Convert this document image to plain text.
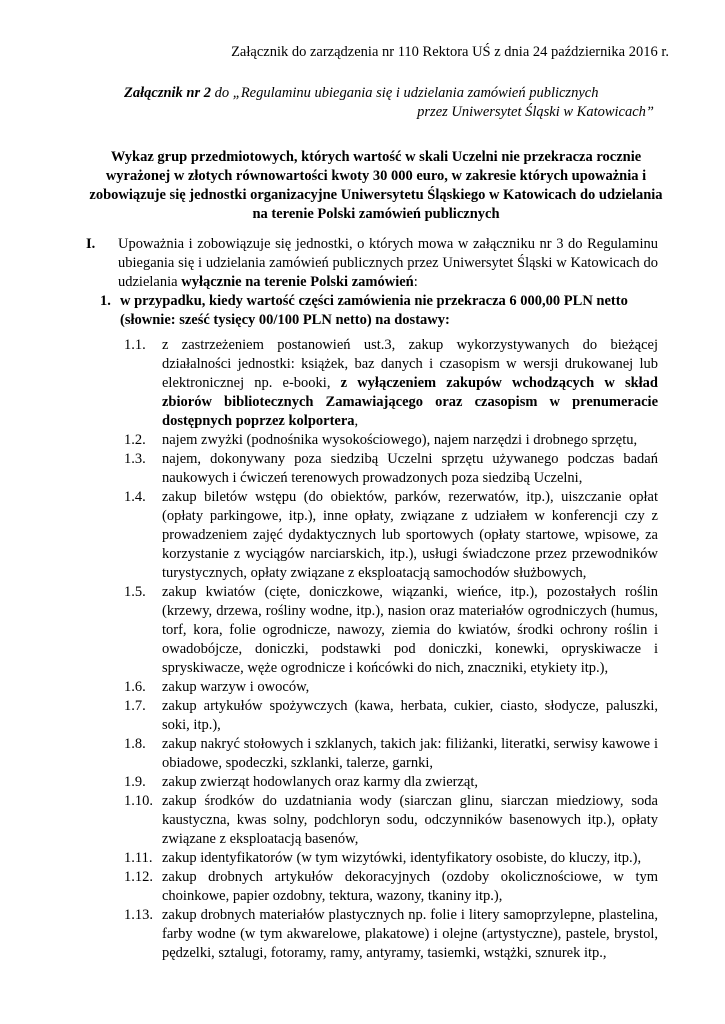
Załącznik do zarządzenia nr 110 Rektora UŚ z dnia 24 października 2016 r.
Załącznik nr 2 do „Regulaminu ubiegania się i udzielania zamówień publicznych
przez Uniwersytet Śląski w Katowicach”
Wykaz grup przedmiotowych, których wartość w skali Uczelni nie przekracza rocznie wyrażonej w złotych równowartości kwoty 30 000 euro, w zakresie których upoważnia i zobowiązuje się jednostki organizacyjne Uniwersytetu Śląskiego w Katowicach do udzielania na terenie Polski zamówień publicznych
I. Upoważnia i zobowiązuje się jednostki, o których mowa w załączniku nr 3 do Regulaminu ubiegania się i udzielania zamówień publicznych przez Uniwersytet Śląski w Katowicach do udzielania wyłącznie na terenie Polski zamówień:
1. w przypadku, kiedy wartość części zamówienia nie przekracza 6 000,00 PLN netto (słownie: sześć tysięcy 00/100 PLN netto) na dostawy:
1.1.	z zastrzeżeniem postanowień ust.3, zakup wykorzystywanych do bieżącej działalności jednostki: książek, baz danych i czasopism w wersji drukowanej lub elektronicznej np. e-booki, z wyłączeniem zakupów wchodzących w skład zbiorów bibliotecznych Zamawiającego oraz czasopism w prenumeracie dostępnych poprzez kolportera,
1.2.	najem zwyżki (podnośnika wysokościowego), najem narzędzi i drobnego sprzętu,
1.3.	najem, dokonywany poza siedzibą Uczelni sprzętu używanego podczas badań naukowych i ćwiczeń terenowych prowadzonych poza siedzibą Uczelni,
1.4.	zakup biletów wstępu (do obiektów, parków, rezerwatów, itp.), uiszczanie opłat (opłaty parkingowe, itp.), inne opłaty, związane z udziałem w konferencji czy z prowadzeniem zajęć dydaktycznych lub sportowych (opłaty startowe, wpisowe, za korzystanie z wyciągów narciarskich, itp.), usługi świadczone przez przewodników turystycznych, opłaty związane z eksploatacją samochodów służbowych,
1.5.	zakup kwiatów (cięte, doniczkowe, wiązanki, wieńce, itp.), pozostałych roślin (krzewy, drzewa, rośliny wodne, itp.), nasion oraz materiałów ogrodniczych (humus, torf, kora, folie ogrodnicze, nawozy, ziemia do kwiatów, środki ochrony roślin i owadobójcze, doniczki, podstawki pod doniczki, konewki, opryskiwacze i spryskiwacze, węże ogrodnicze i końcówki do nich, znaczniki, etykiety itp.),
1.6.	zakup warzyw i owoców,
1.7.	zakup artykułów spożywczych (kawa, herbata, cukier, ciasto, słodycze, paluszki, soki, itp.),
1.8.	zakup nakryć stołowych i szklanych, takich jak: filiżanki, literatki, serwisy kawowe i obiadowe, spodeczki, szklanki, talerze, garnki,
1.9.	zakup zwierząt hodowlanych oraz karmy dla zwierząt,
1.10. zakup środków do uzdatniania wody (siarczan glinu, siarczan miedziowy, soda kaustyczna, kwas solny, podchloryn sodu, odczynników basenowych itp.), opłaty związane z eksploatacją basenów,
1.11. zakup identyfikatorów (w tym wizytówki, identyfikatory osobiste, do kluczy, itp.),
1.12. zakup drobnych artykułów dekoracyjnych (ozdoby okolicznościowe, w tym choinkowe, papier ozdobny, tektura, wazony, tkaniny itp.),
1.13. zakup drobnych materiałów plastycznych np. folie i litery samoprzylepne, plastelina, farby wodne (w tym akwarelowe, plakatowe) i olejne (artystyczne), pastele, brystol, pędzelki, sztalugi, fotoramy, ramy, antyramy, tasiemki, wstążki, sznurek itp.,
